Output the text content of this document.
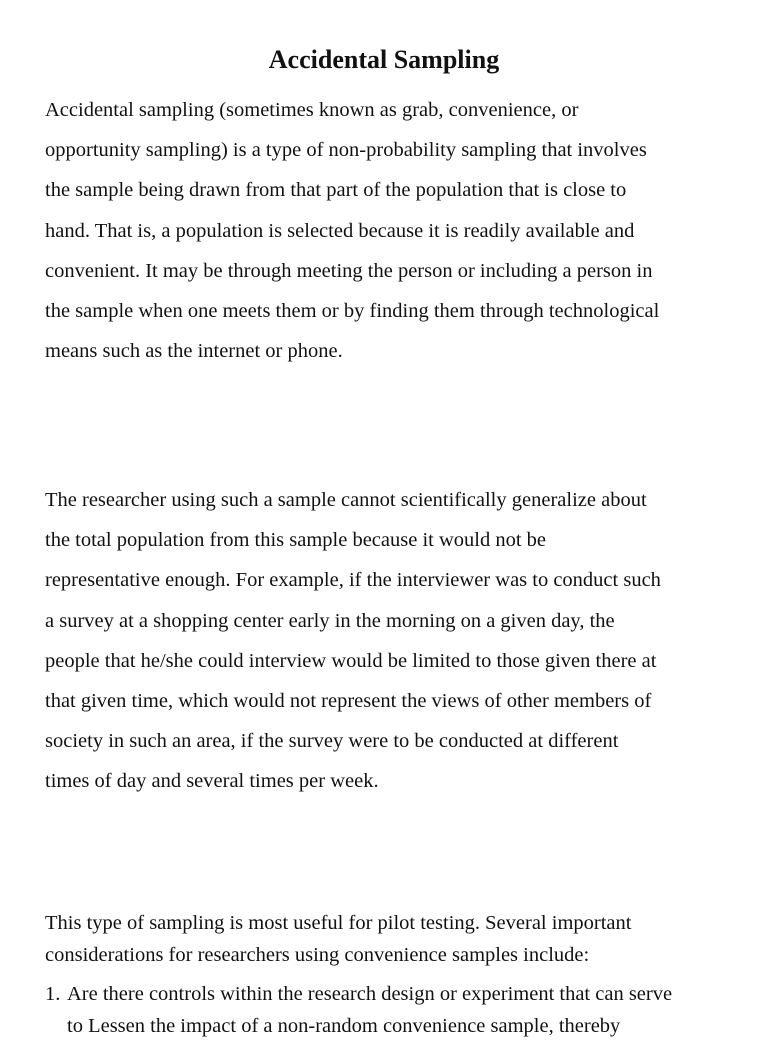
Accidental Sampling

Accidental sampling (sometimes known as grab, convenience, or
opportunity sampling) is a type of non-probability sampling that involves
the sample being drawn from that part of the population that is close to
hand. That is, a population is selected because it is readily available and
convenient. It may be through meeting the person or including a person in
the sample when one meets them or by finding them through technological
means such as the internet or phone.

The researcher using such a sample cannot scientifically generalize about
the total population from this sample because it would not be
representative enough. For example, if the interviewer was to conduct such
a survey at a shopping center early in the morning on a given day, the
people that he/she could interview would be limited to those given there at
that given time, which would not represent the views of other members of
society in such an area, if the survey were to be conducted at different
times of day and several times per week.

This type of sampling is most useful for pilot testing. Several important
considerations for researchers using convenience samples include:

1. Are there controls within the research design or experiment that can serve
to Lessen the impact of a non-random convenience sample, thereby
